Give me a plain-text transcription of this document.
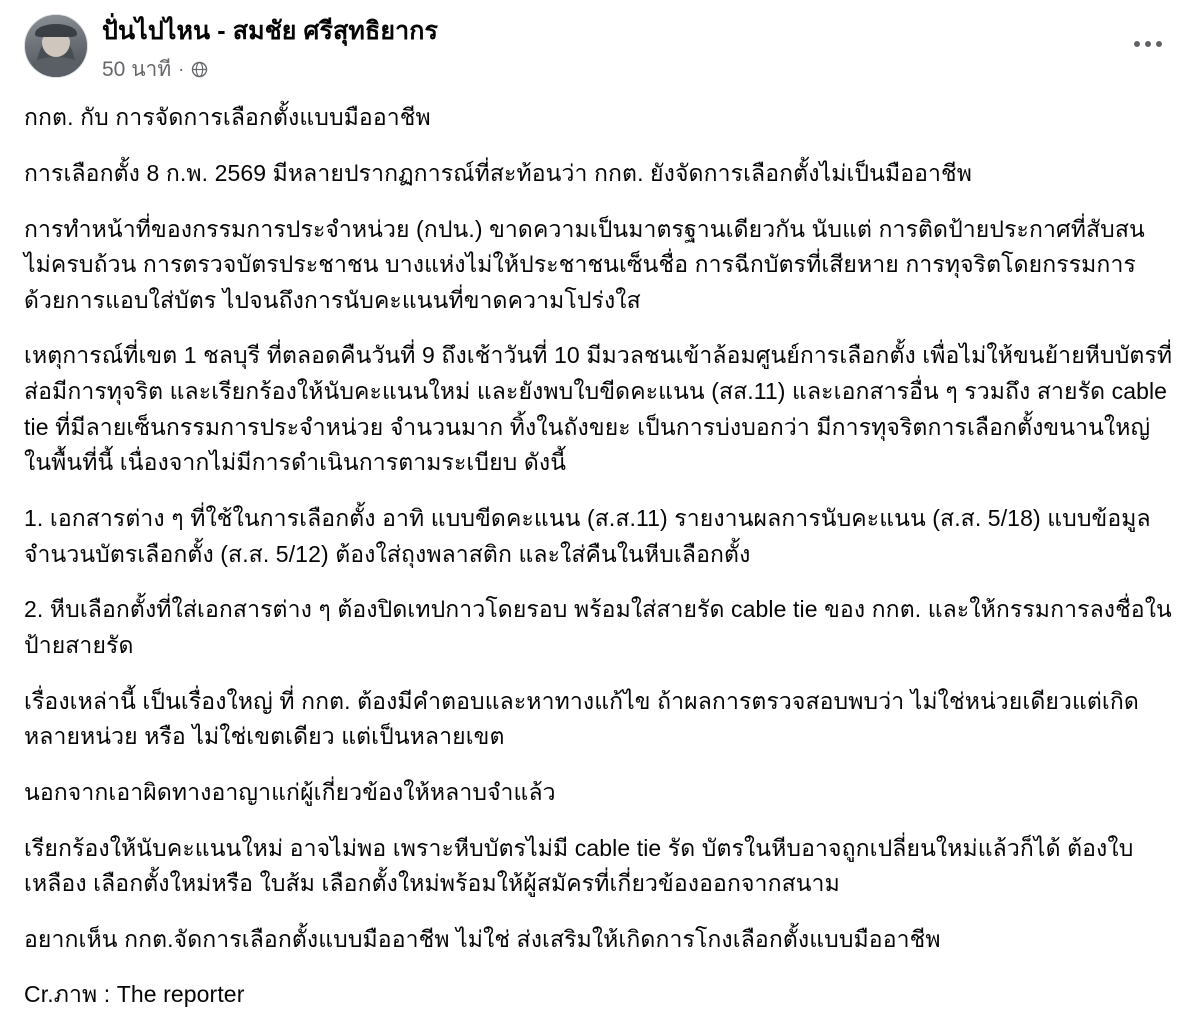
ปั่นไปไหน - สมชัย ศรีสุทธิยากร
50 นาที ·

กกต. กับ การจัดการเลือกตั้งแบบมืออาชีพ

การเลือกตั้ง 8 ก.พ. 2569 มีหลายปรากฏการณ์ที่สะท้อนว่า กกต. ยังจัดการเลือกตั้งไม่เป็นมืออาชีพ

การทำหน้าที่ของกรรมการประจำหน่วย (กปน.) ขาดความเป็นมาตรฐานเดียวกัน นับแต่ การติดป้ายประกาศที่สับสน ไม่ครบถ้วน การตรวจบัตรประชาชน บางแห่งไม่ให้ประชาชนเซ็นชื่อ การฉีกบัตรที่เสียหาย การทุจริตโดยกรรมการด้วยการแอบใส่บัตร ไปจนถึงการนับคะแนนที่ขาดความโปร่งใส

เหตุการณ์ที่เขต 1 ชลบุรี ที่ตลอดคืนวันที่ 9 ถึงเช้าวันที่ 10 มีมวลชนเข้าล้อมศูนย์การเลือกตั้ง เพื่อไม่ให้ขนย้ายหีบบัตรที่ส่อมีการทุจริต และเรียกร้องให้นับคะแนนใหม่ และยังพบใบขีดคะแนน (สส.11) และเอกสารอื่น ๆ รวมถึง สายรัด cable tie ที่มีลายเซ็นกรรมการประจำหน่วย จำนวนมาก ทิ้งในถังขยะ เป็นการบ่งบอกว่า มีการทุจริตการเลือกตั้งขนานใหญ่ในพื้นที่นี้ เนื่องจากไม่มีการดำเนินการตามระเบียบ ดังนี้

1. เอกสารต่าง ๆ ที่ใช้ในการเลือกตั้ง อาทิ แบบขีดคะแนน (ส.ส.11) รายงานผลการนับคะแนน (ส.ส. 5/18) แบบข้อมูลจำนวนบัตรเลือกตั้ง (ส.ส. 5/12) ต้องใส่ถุงพลาสติก และใส่คืนในหีบเลือกตั้ง

2. หีบเลือกตั้งที่ใส่เอกสารต่าง ๆ ต้องปิดเทปกาวโดยรอบ พร้อมใส่สายรัด cable tie ของ กกต. และให้กรรมการลงชื่อในป้ายสายรัด

เรื่องเหล่านี้ เป็นเรื่องใหญ่ ที่ กกต. ต้องมีคำตอบและหาทางแก้ไข ถ้าผลการตรวจสอบพบว่า ไม่ใช่หน่วยเดียวแต่เกิดหลายหน่วย หรือ ไม่ใช่เขตเดียว แต่เป็นหลายเขต

นอกจากเอาผิดทางอาญาแก่ผู้เกี่ยวข้องให้หลาบจำแล้ว

เรียกร้องให้นับคะแนนใหม่ อาจไม่พอ เพราะหีบบัตรไม่มี cable tie รัด บัตรในหีบอาจถูกเปลี่ยนใหม่แล้วก็ได้ ต้องใบเหลือง เลือกตั้งใหม่หรือ ใบส้ม เลือกตั้งใหม่พร้อมให้ผู้สมัครที่เกี่ยวข้องออกจากสนาม

อยากเห็น กกต.จัดการเลือกตั้งแบบมืออาชีพ ไม่ใช่ ส่งเสริมให้เกิดการโกงเลือกตั้งแบบมืออาชีพ

Cr.ภาพ : The reporter
